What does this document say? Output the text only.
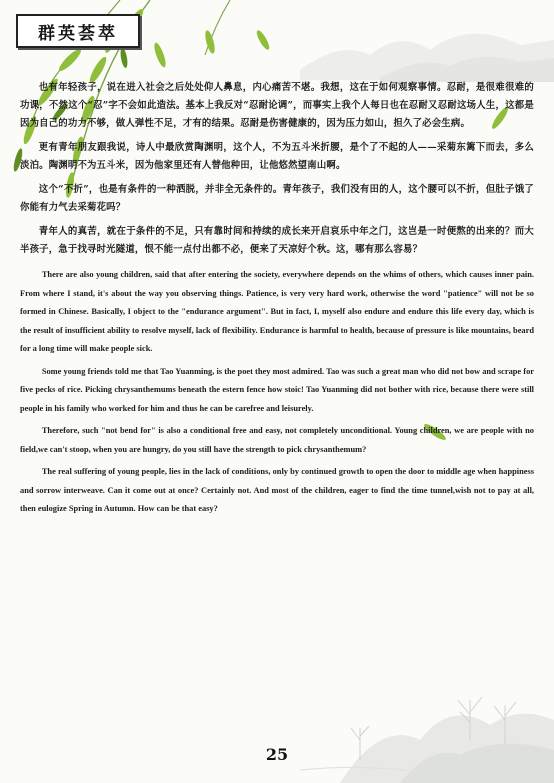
群英荟萃

也有年轻孩子，说在进入社会之后处处仰人鼻息，内心痛苦不堪。我想，这在于如何观察事情。忍耐，是很难很难的功课，不然这个“忍”字不会如此造法。基本上我反对“忍耐论调”，而事实上我个人每日也在忍耐又忍耐这场人生，这都是因为自己的功力不够，做人弹性不足，才有的结果。忍耐是伤害健康的，因为压力如山，担久了必会生病。

更有青年朋友跟我说，诗人中最欣赏陶渊明，这个人，不为五斗米折腰，是个了不起的人——采菊东篱下而去，多么淡泊。陶渊明不为五斗米，因为他家里还有人替他种田，让他悠然望南山啊。

这个“不折”，也是有条件的一种洒脱，并非全无条件的。青年孩子，我们没有田的人，这个腰可以不折，但肚子饿了你能有力气去采菊花吗？

青年人的真苦，就在于条件的不足，只有靠时间和持续的成长来开启哀乐中年之门，这岂是一时便熬的出来的？而大半孩子，急于找寻时光隧道，恨不能一点付出都不必，便来了天凉好个秋。这，哪有那么容易？

There are also young children, said that after entering the society, everywhere depends on the whims of others, which causes inner pain. From where I stand, it's about the way you observing things. Patience, is very very hard work, otherwise the word "patience" will not be so formed in Chinese. Basically, I object to the "endurance argument". But in fact, I, myself also endure and endure this life every day, which is the result of insufficient ability to resolve myself, lack of flexibility. Endurance is harmful to health, because of pressure is like mountains, beard for a long time will make people sick.

Some young friends told me that Tao Yuanming, is the poet they most admired. Tao was such a great man who did not bow and scrape for five pecks of rice. Picking chrysanthemums beneath the estern fence how stoic! Tao Yuanming did not bother with rice, because there were still people in his family who worked for him and thus he can be carefree and leisurely.

Therefore, such "not bend for" is also a conditional free and easy, not completely unconditional. Young children, we are people with no field,we can't stoop, when you are hungry, do you still have the strength to pick chrysanthemum?

The real suffering of young people, lies in the lack of conditions, only by continued growth to open the door to middle age when happiness and sorrow interweave. Can it come out at once? Certainly not. And most of the children, eager to find the time tunnel,wish not to pay at all, then eulogize Spring in Autumn. How can be that easy?

25
